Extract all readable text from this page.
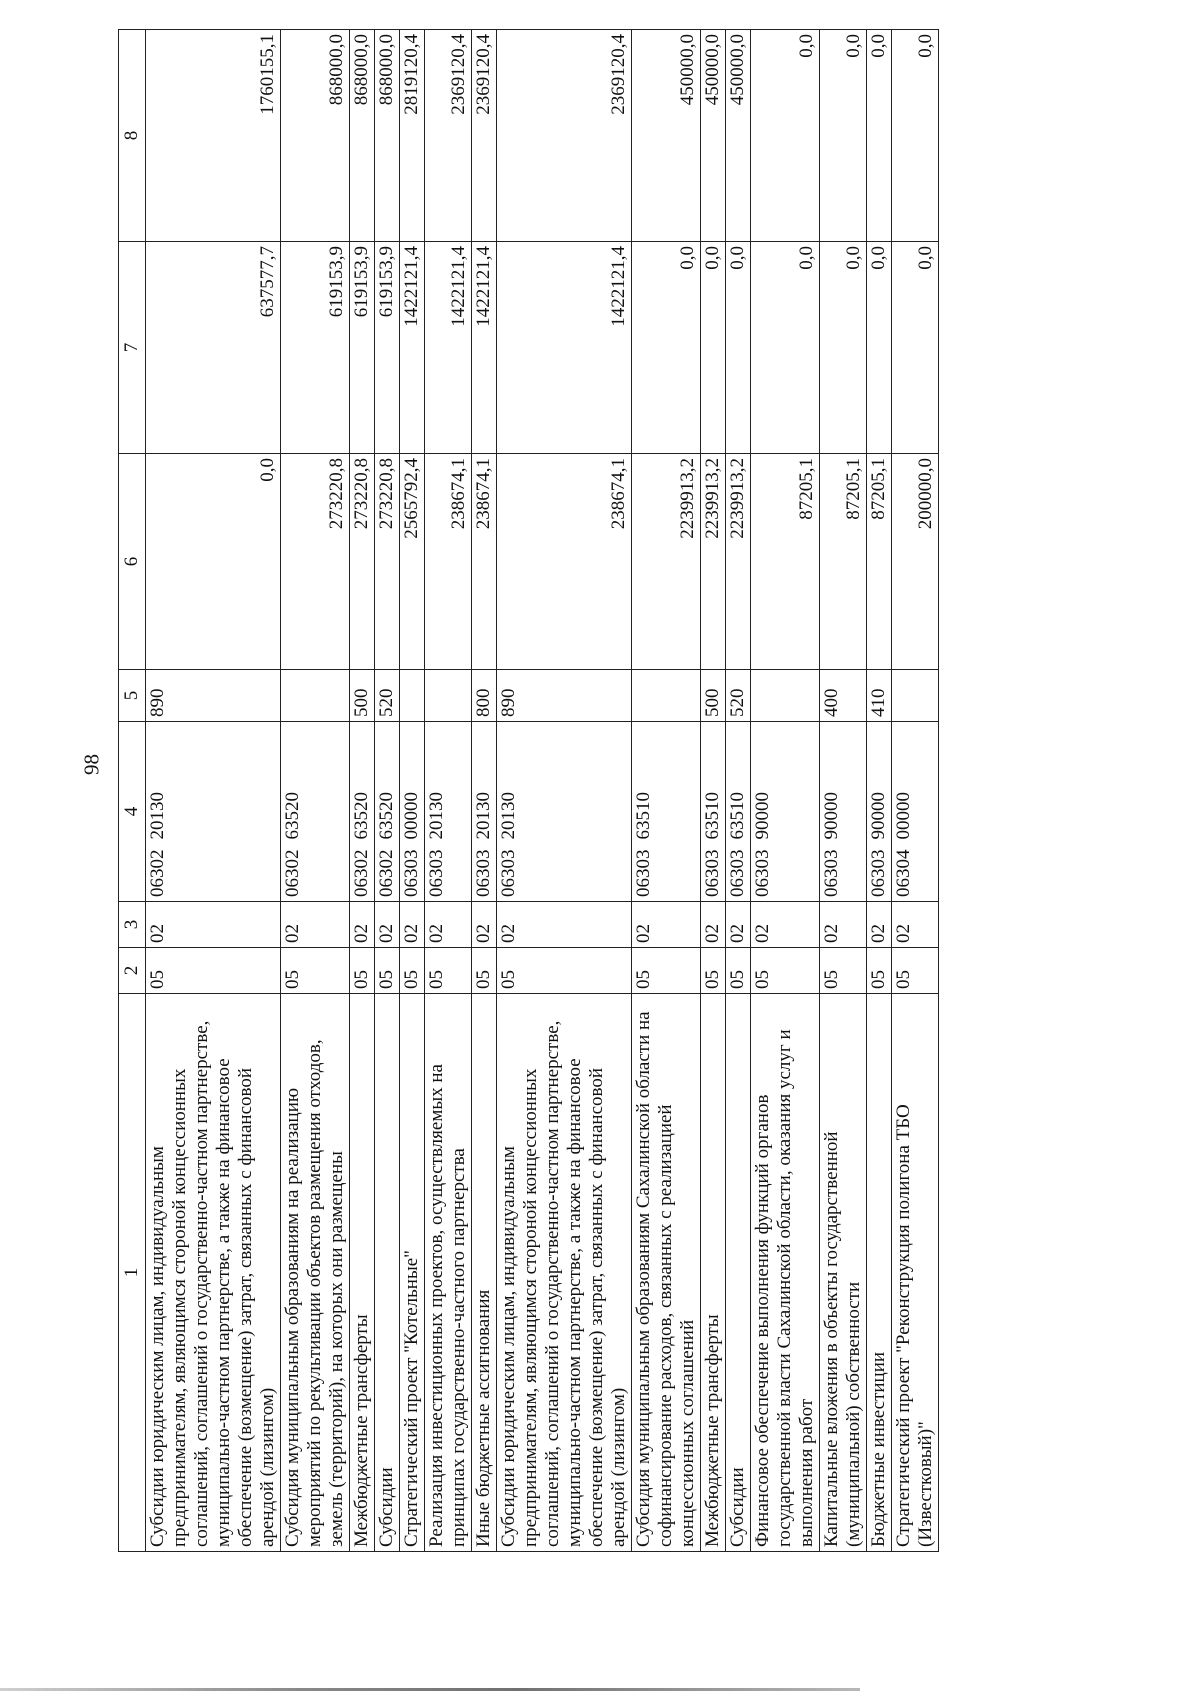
98
1	2	3	4	5	6	7	8
Субсидии юридическим лицам, индивидуальным предпринимателям, являющимся стороной концессионных соглашений, соглашений о государственно-частном партнерстве, муниципально-частном партнерстве, а также на финансовое обеспечение (возмещение) затрат, связанных с финансовой арендой (лизингом)	05	02	0630220130	890	0,0	637577,7	1760155,1
Субсидия муниципальным образованиям на реализацию мероприятий по рекультивации объектов размещения отходов, земель (территорий), на которых они размещены	05	02	0630263520		273220,8	619153,9	868000,0
Межбюджетные трансферты	05	02	0630263520	500	273220,8	619153,9	868000,0
Субсидии	05	02	0630263520	520	273220,8	619153,9	868000,0
Стратегический проект "Котельные"	05	02	0630300000		2565792,4	1422121,4	2819120,4
Реализация инвестиционных проектов, осуществляемых на принципах государственно-частного партнерства	05	02	0630320130		238674,1	1422121,4	2369120,4
Иные бюджетные ассигнования	05	02	0630320130	800	238674,1	1422121,4	2369120,4
Субсидии юридическим лицам, индивидуальным предпринимателям, являющимся стороной концессионных соглашений, соглашений о государственно-частном партнерстве, муниципально-частном партнерстве, а также на финансовое обеспечение (возмещение) затрат, связанных с финансовой арендой (лизингом)	05	02	0630320130	890	238674,1	1422121,4	2369120,4
Субсидия муниципальным образованиям Сахалинской области на софинансирование расходов, связанных с реализацией концессионных соглашений	05	02	0630363510		2239913,2	0,0	450000,0
Межбюджетные трансферты	05	02	0630363510	500	2239913,2	0,0	450000,0
Субсидии	05	02	0630363510	520	2239913,2	0,0	450000,0
Финансовое обеспечение выполнения функций органов государственной власти Сахалинской области, оказания услуг и выполнения работ	05	02	0630390000		87205,1	0,0	0,0
Капитальные вложения в объекты государственной (муниципальной) собственности	05	02	0630390000	400	87205,1	0,0	0,0
Бюджетные инвестиции	05	02	0630390000	410	87205,1	0,0	0,0
Стратегический проект "Реконструкция полигона ТБО (Известковый)"	05	02	0630400000		200000,0	0,0	0,0
